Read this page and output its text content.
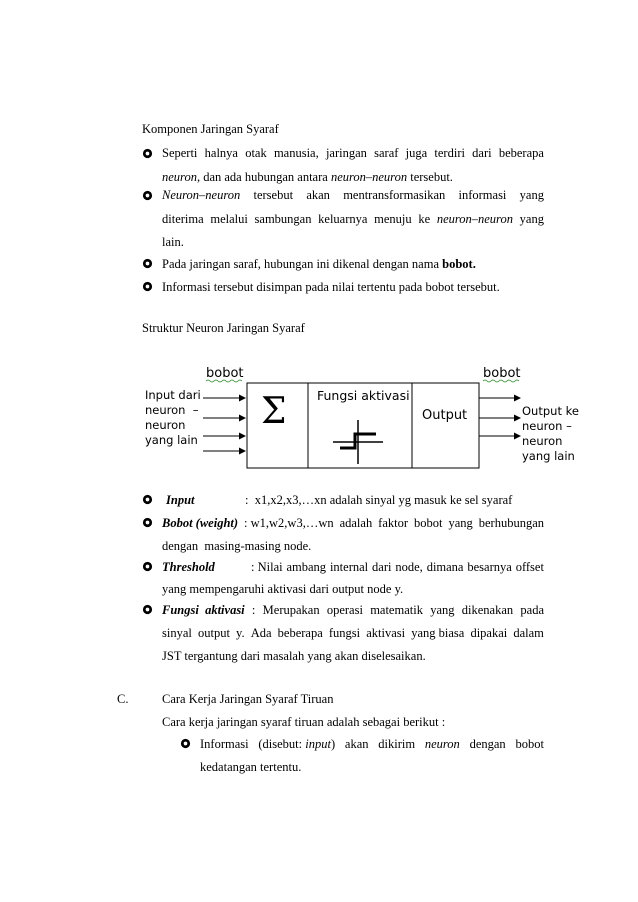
Komponen Jaringan Syaraf
Seperti halnya otak manusia, jaringan saraf juga terdiri dari beberapa
neuron, dan ada hubungan antara neuron–neuron tersebut.
Neuron–neuron tersebut akan mentransformasikan informasi yang
diterima melalui sambungan keluarnya menuju ke neuron–neuron yang
lain.
Pada jaringan saraf, hubungan ini dikenal dengan nama bobot.
Informasi tersebut disimpan pada nilai tertentu pada bobot tersebut.
Struktur Neuron Jaringan Syaraf
bobot	bobot
Input dari
neuron  –
neuron
yang lain
Σ Fungsi aktivasi
Output	Output ke
neuron –
neuron
yang lain
Input	: x1,x2,x3,…xn adalah sinyal yg masuk ke sel syaraf
Bobot (weight) : w1,w2,w3,…wn adalah faktor bobot yang berhubungan
dengan  masing-masing node.
Threshold	: Nilai ambang internal dari node, dimana besarnya offset
yang mempengaruhi aktivasi dari output node y.
Fungsi  aktivasi : Merupakan operasi matematik yang dikenakan pada
sinyal output y. Ada beberapa fungsi aktivasi yang biasa dipakai dalam
JST tergantung dari masalah yang akan diselesaikan.
C.	Cara Kerja Jaringan Syaraf Tiruan
Cara kerja jaringan syaraf tiruan adalah sebagai berikut :
Informasi (disebut: input) akan dikirim neuron dengan bobot
kedatangan tertentu.
